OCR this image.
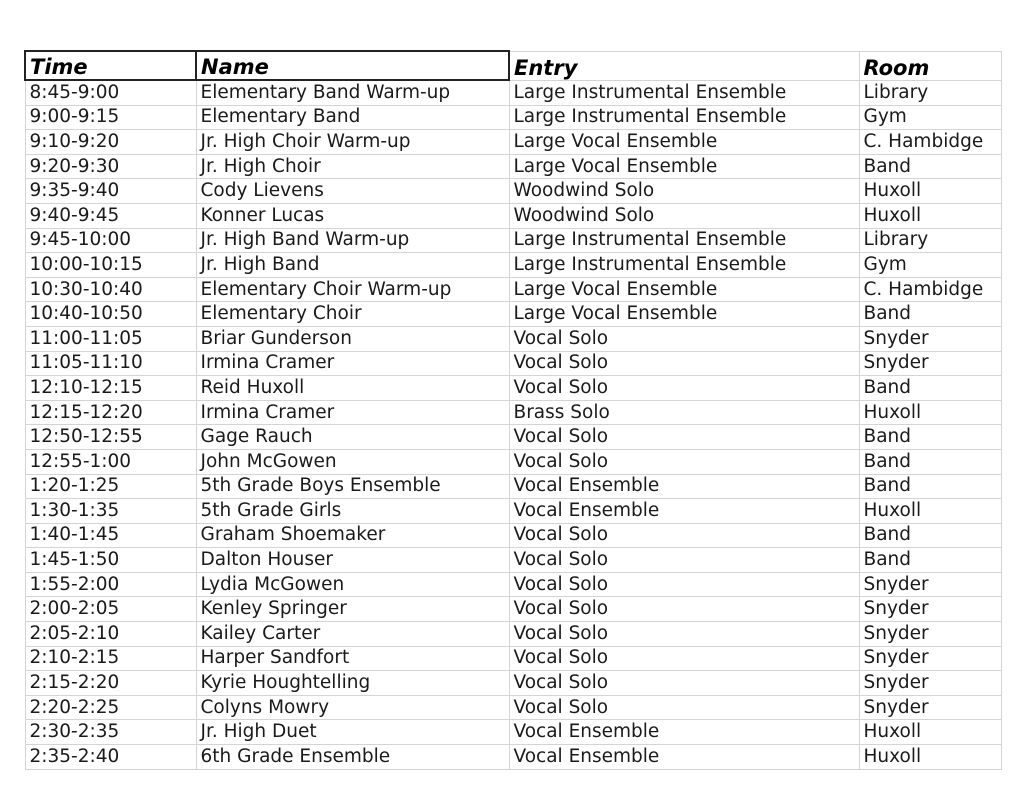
Time	Name	Entry	Room
8:45-9:00	Elementary Band Warm-up	Large Instrumental Ensemble	Library
9:00-9:15	Elementary Band	Large Instrumental Ensemble	Gym
9:10-9:20	Jr. High Choir Warm-up	Large Vocal Ensemble	C. Hambidge
9:20-9:30	Jr. High Choir	Large Vocal Ensemble	Band
9:35-9:40	Cody Lievens	Woodwind Solo	Huxoll
9:40-9:45	Konner Lucas	Woodwind Solo	Huxoll
9:45-10:00	Jr. High Band Warm-up	Large Instrumental Ensemble	Library
10:00-10:15	Jr. High Band	Large Instrumental Ensemble	Gym
10:30-10:40	Elementary Choir Warm-up	Large Vocal Ensemble	C. Hambidge
10:40-10:50	Elementary Choir	Large Vocal Ensemble	Band
11:00-11:05	Briar Gunderson	Vocal Solo	Snyder
11:05-11:10	Irmina Cramer	Vocal Solo	Snyder
12:10-12:15	Reid Huxoll	Vocal Solo	Band
12:15-12:20	Irmina Cramer	Brass Solo	Huxoll
12:50-12:55	Gage Rauch	Vocal Solo	Band
12:55-1:00	John McGowen	Vocal Solo	Band
1:20-1:25	5th Grade Boys Ensemble	Vocal Ensemble	Band
1:30-1:35	5th Grade Girls	Vocal Ensemble	Huxoll
1:40-1:45	Graham Shoemaker	Vocal Solo	Band
1:45-1:50	Dalton Houser	Vocal Solo	Band
1:55-2:00	Lydia McGowen	Vocal Solo	Snyder
2:00-2:05	Kenley Springer	Vocal Solo	Snyder
2:05-2:10	Kailey Carter	Vocal Solo	Snyder
2:10-2:15	Harper Sandfort	Vocal Solo	Snyder
2:15-2:20	Kyrie Houghtelling	Vocal Solo	Snyder
2:20-2:25	Colyns Mowry	Vocal Solo	Snyder
2:30-2:35	Jr. High Duet	Vocal Ensemble	Huxoll
2:35-2:40	6th Grade Ensemble	Vocal Ensemble	Huxoll
